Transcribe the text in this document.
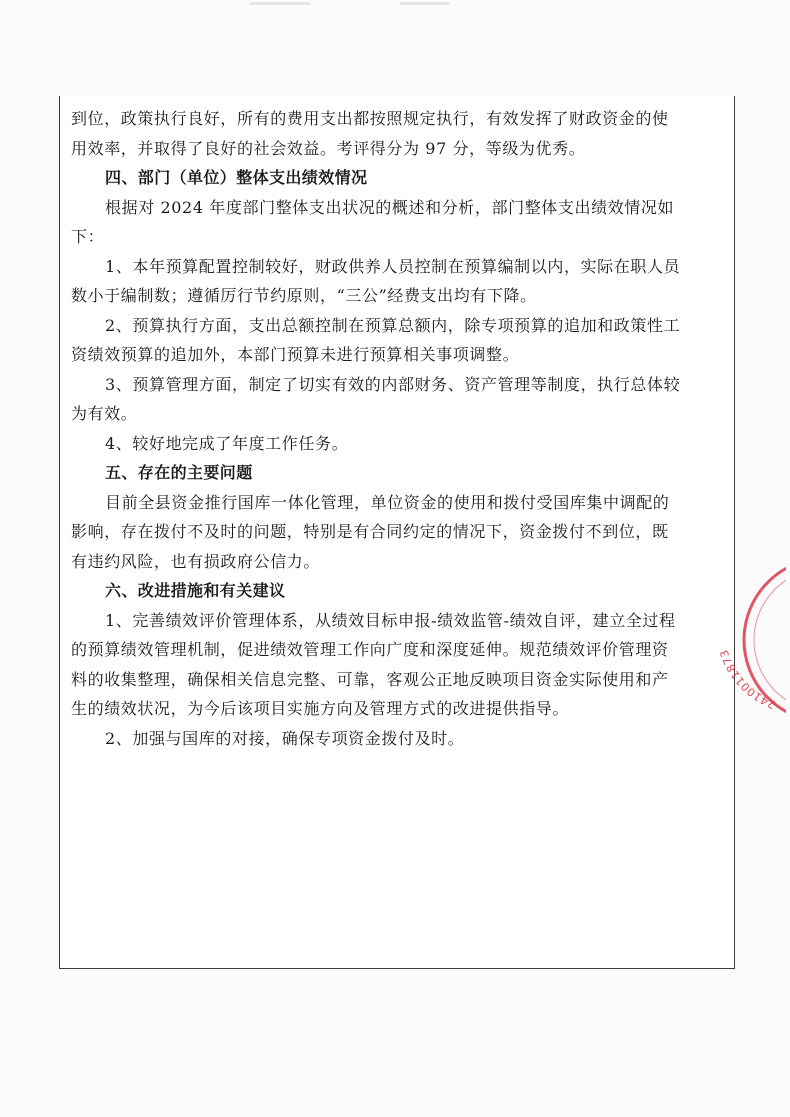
到位，政策执行良好，所有的费用支出都按照规定执行，有效发挥了财政资金的使
用效率，并取得了良好的社会效益。考评得分为 97 分，等级为优秀。
四、部门（单位）整体支出绩效情况
根据对 2024 年度部门整体支出状况的概述和分析，部门整体支出绩效情况如
下：
1、本年预算配置控制较好，财政供养人员控制在预算编制以内，实际在职人员
数小于编制数；遵循厉行节约原则，“三公”经费支出均有下降。
2、预算执行方面，支出总额控制在预算总额内，除专项预算的追加和政策性工
资绩效预算的追加外，本部门预算未进行预算相关事项调整。
3、预算管理方面，制定了切实有效的内部财务、资产管理等制度，执行总体较
为有效。
4、较好地完成了年度工作任务。
五、存在的主要问题
目前全县资金推行国库一体化管理，单位资金的使用和拨付受国库集中调配的
影响，存在拨付不及时的问题，特别是有合同约定的情况下，资金拨付不到位，既
有违约风险，也有损政府公信力。
六、改进措施和有关建议
1、完善绩效评价管理体系，从绩效目标申报-绩效监管-绩效自评，建立全过程
的预算绩效管理机制，促进绩效管理工作向广度和深度延伸。规范绩效评价管理资
料的收集整理，确保相关信息完整、可靠，客观公正地反映项目资金实际使用和产
生的绩效状况，为今后该项目实施方向及管理方式的改进提供指导。
2、加强与国库的对接，确保专项资金拨付及时。
2410011873
